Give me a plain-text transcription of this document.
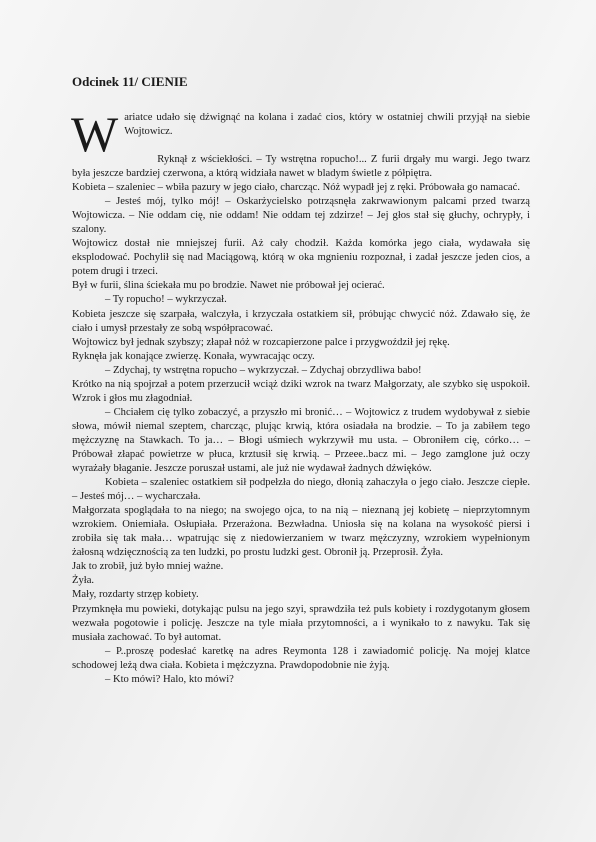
Odcinek 11/ CIENIE
W ariatce udało się dźwignąć na kolana i zadać cios, który w ostatniej chwili przyjął na siebie Wojtowicz.

Ryknął z wściekłości. – Ty wstrętna ropucho!... Z furii drgały mu wargi. Jego twarz była jeszcze bardziej czerwona, a którą widziała nawet w bladym świetle z półpiętra.

Kobieta – szaleniec – wbiła pazury w jego ciało, charcząc. Nóż wypadł jej z ręki. Próbowała go namacać.

– Jesteś mój, tylko mój! – Oskarżycielsko potrząsnęła zakrwawionym palcami przed twarzą Wojtowicza. – Nie oddam cię, nie oddam! Nie oddam tej zdzirze! – Jej głos stał się głuchy, ochrypły, i szalony.

Wojtowicz dostał nie mniejszej furii. Aż cały chodził. Każda komórka jego ciała, wydawała się eksplodować. Pochylił się nad Maciągową, którą w oka mgnieniu rozpoznał, i zadał jeszcze jeden cios, a potem drugi i trzeci.

Był w furii, ślina ściekała mu po brodzie. Nawet nie próbował jej ocierać.

– Ty ropucho! – wykrzyczał.

Kobieta jeszcze się szarpała, walczyła, i krzyczała ostatkiem sił, próbując chwycić nóż. Zdawało się, że ciało i umysł przestały ze sobą współpracować.

Wojtowicz był jednak szybszy; złapał nóż w rozcapierzone palce i przygwoździł jej rękę.

Ryknęła jak konające zwierzę. Konała, wywracając oczy.

– Zdychaj, ty wstrętna ropucho – wykrzyczał. – Zdychaj obrzydliwa babo!

Krótko na nią spojrzał a potem przerzucił wciąż dziki wzrok na twarz Małgorzaty, ale szybko się uspokoił. Wzrok i głos mu złagodniał.

– Chciałem cię tylko zobaczyć, a przyszło mi bronić… – Wojtowicz z trudem wydobywał z siebie słowa, mówił niemal szeptem, charcząc, plując krwią, która osiadała na brodzie. – To ja zabiłem tego mężczyznę na Stawkach. To ja… – Błogi uśmiech wykrzywił mu usta. – Obroniłem cię, córko… – Próbował złapać powietrze w płuca, krztusił się krwią. – Przeee..bacz mi. – Jego zamglone już oczy wyrażały błaganie. Jeszcze poruszał ustami, ale już nie wydawał żadnych dźwięków.

Kobieta – szaleniec ostatkiem sił podpełzła do niego, dłonią zahaczyła o jego ciało. Jeszcze ciepłe. – Jesteś mój… – wycharczała.

Małgorzata spoglądała to na niego; na swojego ojca, to na nią – nieznaną jej kobietę – nieprzytomnym wzrokiem. Oniemiała. Osłupiała. Przerażona. Bezwładna. Uniosła się na kolana na wysokość piersi i zrobiła się tak mała… wpatrując się z niedowierzaniem w twarz mężczyzny, wzrokiem wypełnionym żałosną wdzięcznością za ten ludzki, po prostu ludzki gest. Obronił ją. Przeprosił. Żyła.

Jak to zrobił, już było mniej ważne.

Żyła.

Mały, rozdarty strzęp kobiety.

Przymknęła mu powieki, dotykając pulsu na jego szyi, sprawdziła też puls kobiety i rozdygotanym głosem wezwała pogotowie i policję. Jeszcze na tyle miała przytomności, a i wynikało to z nawyku. Tak się musiała zachować. To był automat.

– P..proszę podesłać karetkę na adres Reymonta 128 i zawiadomić policję. Na mojej klatce schodowej leżą dwa ciała. Kobieta i mężczyzna. Prawdopodobnie nie żyją.

– Kto mówi? Halo, kto mówi?
